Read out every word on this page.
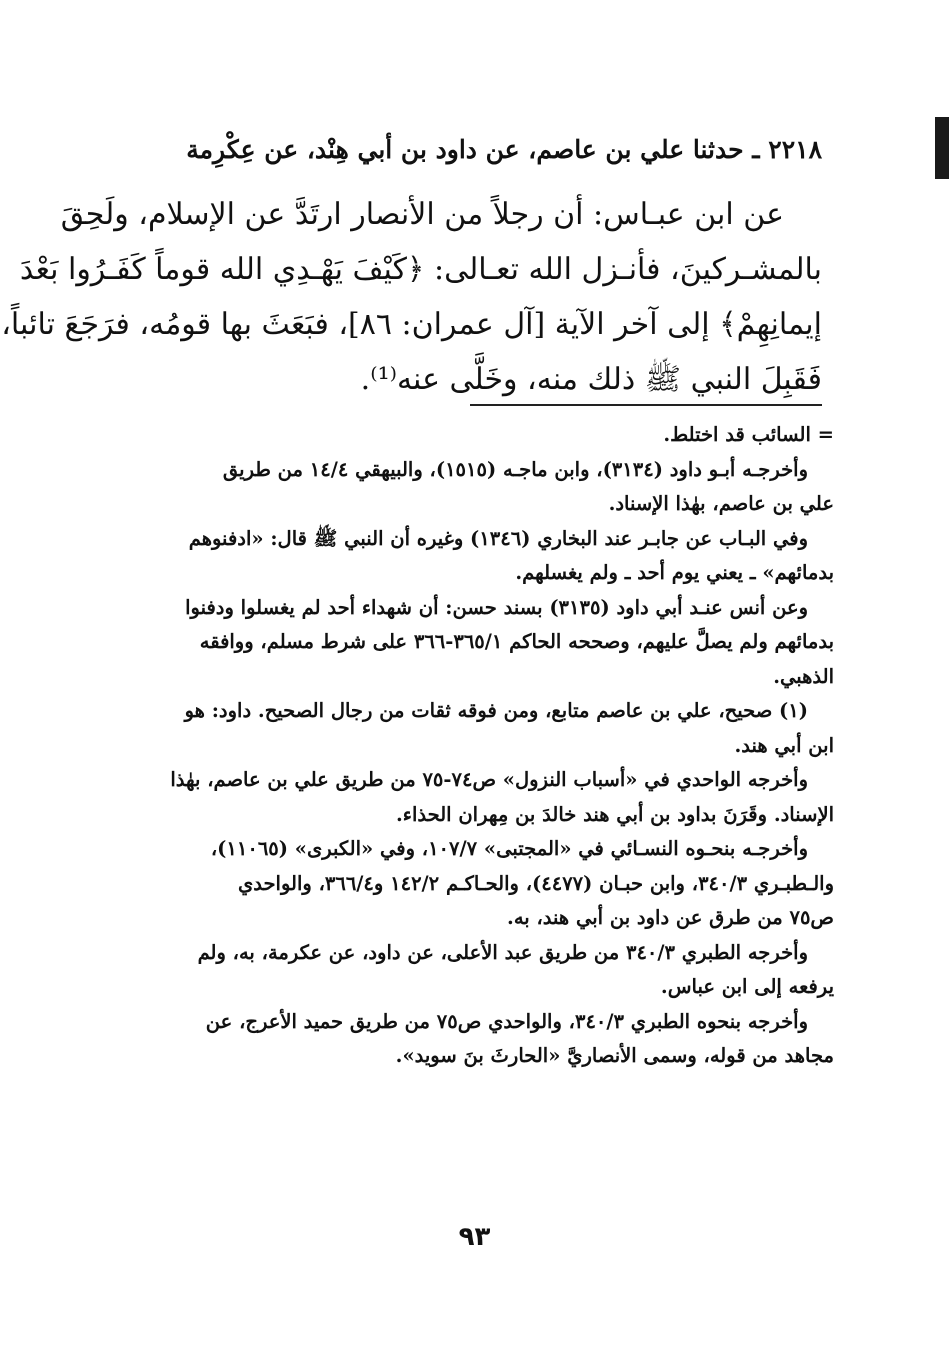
٢٢١٨ ـ حدثنا علي بن عاصم، عن داود بن أبي هِنْد، عن عِكْرِمة
عن ابن عبـاس: أن رجلاً من الأنصار ارتَدَّ عن الإسلام، ولَحِقَ
بالمشـركينَ، فأنـزل الله تعـالى: ﴿كَيْفَ يَهْـدِي الله قوماً كَفَـرُوا بَعْدَ
إيمانِهِمْ﴾ إلى آخر الآية [آل عمران: ٨٦]، فبَعَثَ بها قومُه، فرَجَعَ تائباً،
فَقَبِلَ النبي ﷺ ذلك منه، وخَلَّى عنه⁽¹⁾.
= السائب قد اختلط.
وأخرجـه أبـو داود (٣١٣٤)، وابن ماجـه (١٥١٥)، والبيهقي ١٤/٤ من طريق
علي بن عاصم، بهٰذا الإسناد.
وفي البـاب عن جابـر عند البخاري (١٣٤٦) وغيره أن النبي ﷺ قال: «ادفنوهم
بدمائهم» ـ يعني يوم أحد ـ ولم يغسلهم.
وعن أنس عنـد أبي داود (٣١٣٥) بسند حسن: أن شهداء أحد لم يغسلوا ودفنوا
بدمائهم ولم يصلَّ عليهم، وصححه الحاكم ٣٦٥/١-٣٦٦ على شرط مسلم، ووافقه
الذهبي.
(١) صحيح، علي بن عاصم متابع، ومن فوقه ثقات من رجال الصحيح. داود: هو
ابن أبي هند.
وأخرجه الواحدي في «أسباب النزول» ص٧٤-٧٥ من طريق علي بن عاصم، بهٰذا
الإسناد. وقَرَنَ بداود بن أبي هند خالدَ بن مِهران الحذاء.
وأخرجـه بنحـوه النسـائي في «المجتبى» ١٠٧/٧، وفي «الكبرى» (١١٠٦٥)،
والـطبـري ٣٤٠/٣، وابن حبـان (٤٤٧٧)، والحـاكـم ١٤٢/٢ و٣٦٦/٤، والواحدي
ص٧٥ من طرق عن داود بن أبي هند، به.
وأخرجه الطبري ٣٤٠/٣ من طريق عبد الأعلى، عن داود، عن عكرمة، به، ولم
يرفعه إلى ابن عباس.
وأخرجه بنحوه الطبري ٣٤٠/٣، والواحدي ص٧٥ من طريق حميد الأعرج، عن
مجاهد من قوله، وسمى الأنصاريَّ «الحارثَ بنَ سويد».
٩٣
